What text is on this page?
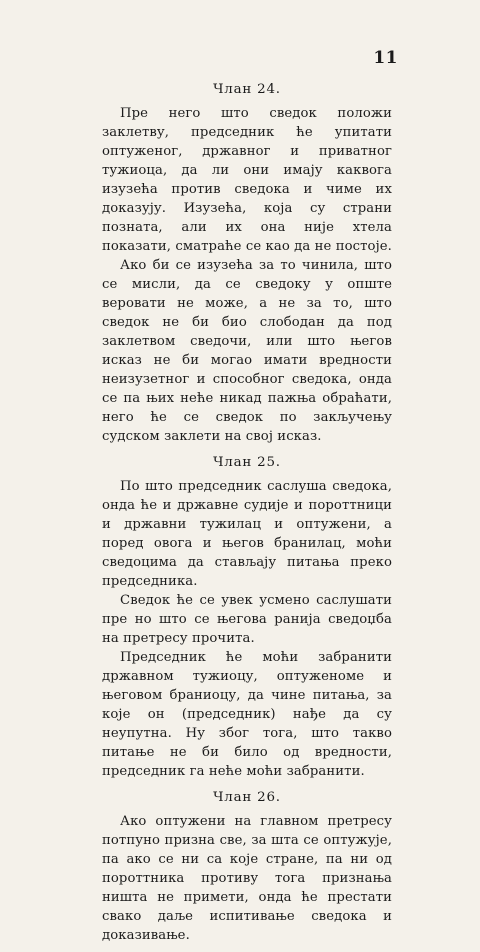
11

Члан 24.

Пре него што сведок положи заклетву, председник ће упитати оптуженог, државног и приватног тужиоца, да ли они имају каквога изузећа против сведока и чиме их доказују. Изузећа, која су страни позната, али их она није хтела показати, сматраће се као да не постоје.

Ако би се изузећа за то чинила, што се мисли, да се сведоку у опште веровати не може, а не за то, што сведок не би био слободан да под заклетвом сведочи, или што његов исказ не би могао имати вредности неизузетног и способног сведока, онда се па њих неће никад пажња обраћати, него ће се сведок по закључењу судском заклети на свој исказ.

Члан 25.

По што председник саслуша сведока, онда ће и државне судије и пороттници и државни тужилац и оптужени, а поред овога и његов бранилац, моћи сведоцима да стављају питања преко председника.

Сведок ће се увек усмено саслушати пре но што се његова ранија сведоџба на претресу прочита.

Председник ће моћи забранити државном тужиоцу, оптуженоме и његовом браниоцу, да чине питања, за које он (председник) нађе да су неупутна. Ну због тога, што такво питање не би било од вредности, председник га неће моћи забранити.

Члан 26.

Ако оптужени на главном претресу потпуно призна све, за шта се оптужује, па ако се ни са које стране, па ни од пороттника противу тога признања ништа не примети, онда ће престати свако даље испитивање сведока и доказивање.
